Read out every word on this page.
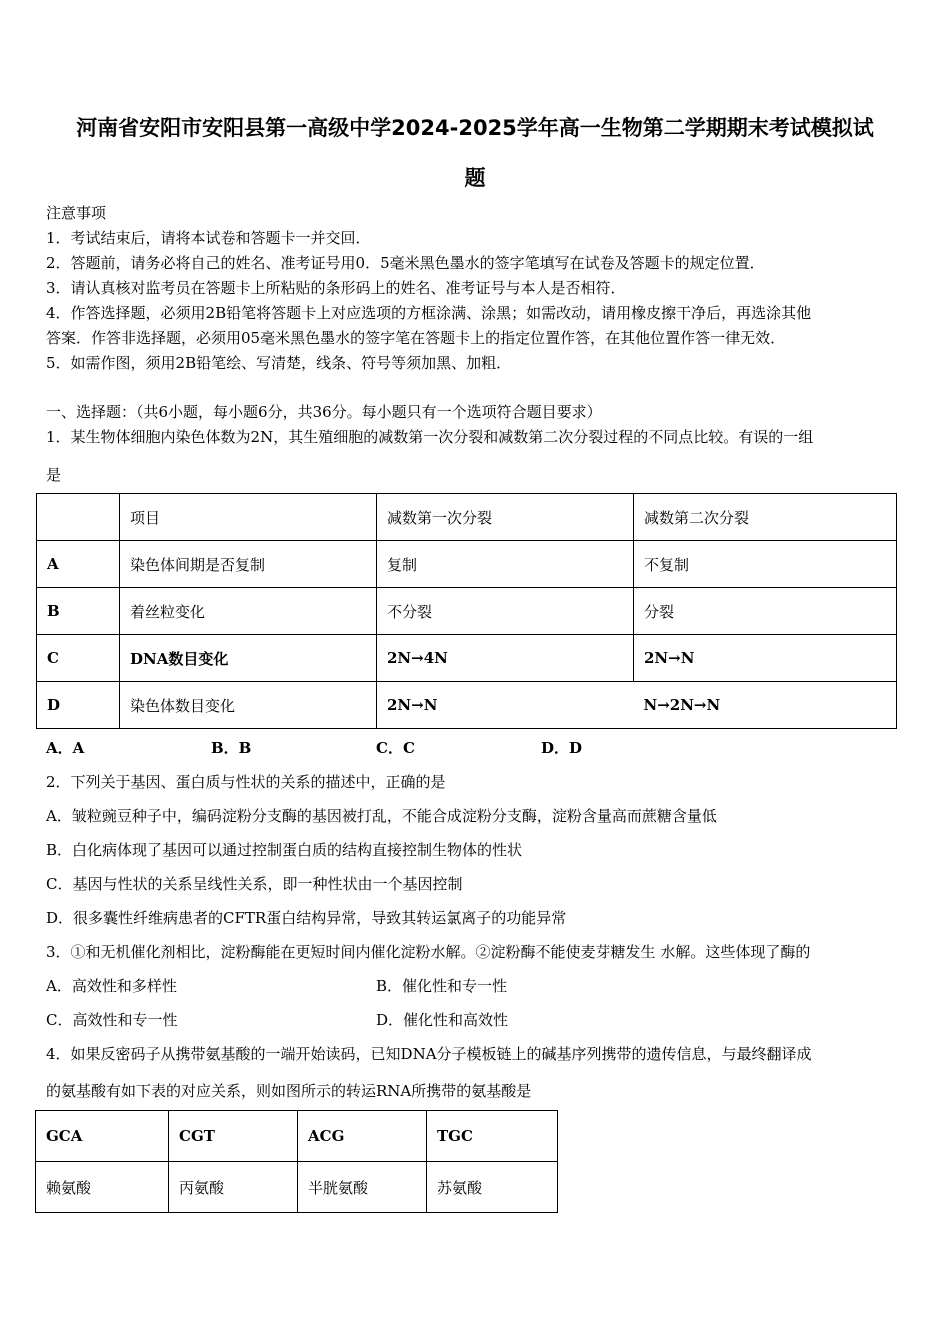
河南省安阳市安阳县第一高级中学2024-2025学年高一生物第二学期期末考试模拟试
题
注意事项
1．考试结束后，请将本试卷和答题卡一并交回．
2．答题前，请务必将自己的姓名、准考证号用0．5毫米黑色墨水的签字笔填写在试卷及答题卡的规定位置．
3．请认真核对监考员在答题卡上所粘贴的条形码上的姓名、准考证号与本人是否相符．
4．作答选择题，必须用2B铅笔将答题卡上对应选项的方框涂满、涂黑；如需改动，请用橡皮擦干净后，再选涂其他
答案．作答非选择题，必须用05毫米黑色墨水的签字笔在答题卡上的指定位置作答，在其他位置作答一律无效．
5．如需作图，须用2B铅笔绘、写清楚，线条、符号等须加黑、加粗．
一、选择题：（共6小题，每小题6分，共36分。每小题只有一个选项符合题目要求）
1．某生物体细胞内染色体数为2N，其生殖细胞的减数第一次分裂和减数第二次分裂过程的不同点比较。有误的一组
是
	项目	减数第一次分裂	减数第二次分裂
A	染色体间期是否复制	复制	不复制
B	着丝粒变化	不分裂	分裂
C	DNA数目变化	2N→4N	2N→N
D	染色体数目变化	2N→N	N→2N→N
A．A	B．B	C．C	D．D
2．下列关于基因、蛋白质与性状的关系的描述中，正确的是
A．皱粒豌豆种子中，编码淀粉分支酶的基因被打乱，不能合成淀粉分支酶，淀粉含量高而蔗糖含量低
B．白化病体现了基因可以通过控制蛋白质的结构直接控制生物体的性状
C．基因与性状的关系呈线性关系，即一种性状由一个基因控制
D．很多囊性纤维病患者的CFTR蛋白结构异常，导致其转运氯离子的功能异常
3．①和无机催化剂相比，淀粉酶能在更短时间内催化淀粉水解。②淀粉酶不能使麦芽糖发生 水解。这些体现了酶的
A．高效性和多样性	B．催化性和专一性
C．高效性和专一性	D．催化性和高效性
4．如果反密码子从携带氨基酸的一端开始读码，已知DNA分子模板链上的碱基序列携带的遗传信息，与最终翻译成
的氨基酸有如下表的对应关系，则如图所示的转运RNA所携带的氨基酸是
GCA	CGT	ACG	TGC
赖氨酸	丙氨酸	半胱氨酸	苏氨酸
